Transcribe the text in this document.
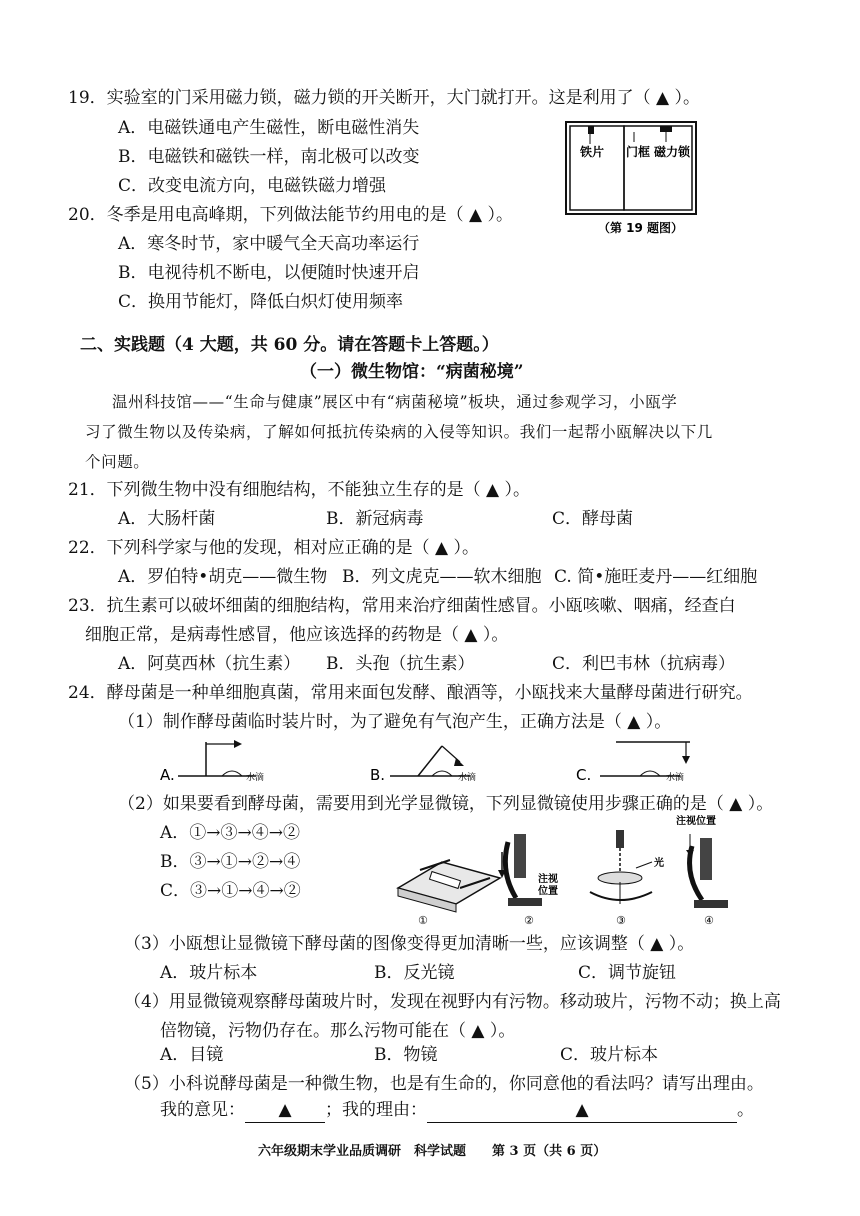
19．实验室的门采用磁力锁，磁力锁的开关断开，大门就打开。这是利用了（ ▲ ）。
A．电磁铁通电产生磁性，断电磁性消失
B．电磁铁和磁铁一样，南北极可以改变
C．改变电流方向，电磁铁磁力增强
铁片 门框 磁力锁
（第 19 题图）
20．冬季是用电高峰期，下列做法能节约用电的是（ ▲ ）。
A．寒冬时节，家中暖气全天高功率运行
B．电视待机不断电，以便随时快速开启
C．换用节能灯，降低白炽灯使用频率
二、实践题（4 大题，共 60 分。请在答题卡上答题。）
（一）微生物馆：“病菌秘境”
温州科技馆——“生命与健康”展区中有“病菌秘境”板块，通过参观学习，小瓯学
习了微生物以及传染病，了解如何抵抗传染病的入侵等知识。我们一起帮小瓯解决以下几
个问题。
21．下列微生物中没有细胞结构，不能独立生存的是（ ▲ ）。
A．大肠杆菌	B．新冠病毒	C．酵母菌
22．下列科学家与他的发现，相对应正确的是（ ▲ ）。
A．罗伯特•胡克——微生物 B．列文虎克——软木细胞 C. 简•施旺麦丹——红细胞
23．抗生素可以破坏细菌的细胞结构，常用来治疗细菌性感冒。小瓯咳嗽、咽痛，经查白
细胞正常，是病毒性感冒，他应该选择的药物是（ ▲ ）。
A．阿莫西林（抗生素） B．头孢（抗生素）	C．利巴韦林（抗病毒）
24．酵母菌是一种单细胞真菌，常用来面包发酵、酿酒等，小瓯找来大量酵母菌进行研究。
（1）制作酵母菌临时装片时，为了避免有气泡产生，正确方法是（ ▲ ）。
A.	水滴	B.	水滴	C.	水滴
（2）如果要看到酵母菌，需要用到光学显微镜，下列显微镜使用步骤正确的是（ ▲ ）。
A．①→③→④→②
B．③→①→②→④
C．③→①→④→②
①
注视
位置
②
光
③
注视位置
④
（3）小瓯想让显微镜下酵母菌的图像变得更加清晰一些，应该调整（ ▲ ）。
A．玻片标本	B．反光镜	C．调节旋钮
（4）用显微镜观察酵母菌玻片时，发现在视野内有污物。移动玻片，污物不动；换上高
倍物镜，污物仍存在。那么污物可能在（ ▲ ）。
A．目镜	B．物镜	C．玻片标本
（5）小科说酵母菌是一种微生物，也是有生命的，你同意他的看法吗？请写出理由。
我的意见： ▲ ；我的理由：	▲	。
六年级期末学业品质调研　科学试题　　第 3 页（共 6 页）
